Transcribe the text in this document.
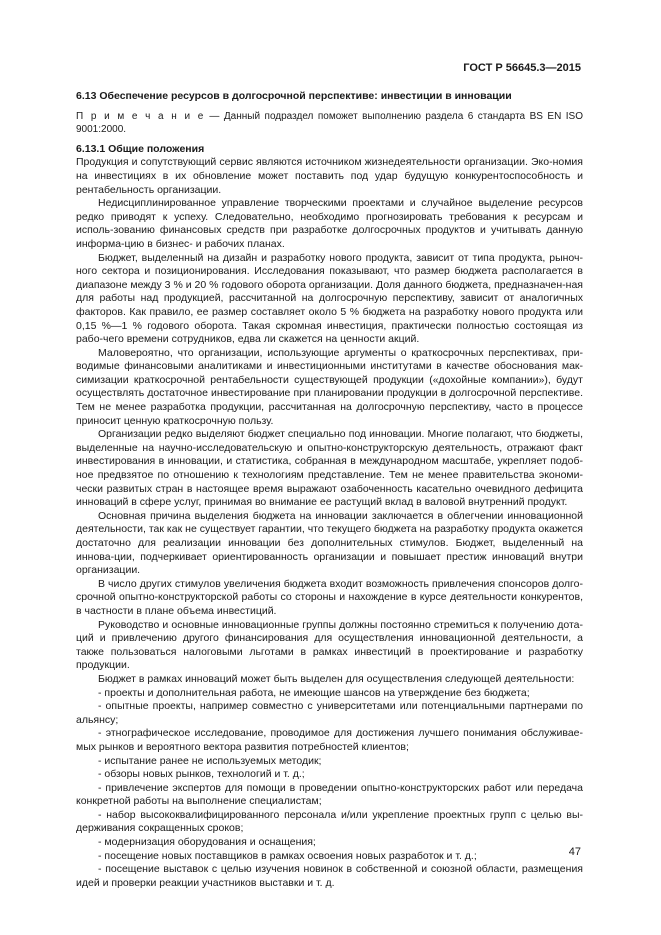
ГОСТ Р 56645.3—2015

6.13 Обеспечение ресурсов в долгосрочной перспективе: инвестиции в инновации

П р и м е ч а н и е — Данный подраздел поможет выполнению раздела 6 стандарта BS EN ISO 9001:2000.

6.13.1 Общие положения

Продукция и сопутствующий сервис являются источником жизнедеятельности организации. Эко-номия на инвестициях в их обновление может поставить под удар будущую конкурентоспособность и рентабельность организации.

Недисциплинированное управление творческими проектами и случайное выделение ресурсов редко приводят к успеху. Следовательно, необходимо прогнозировать требования к ресурсам и исполь-зованию финансовых средств при разработке долгосрочных продуктов и учитывать данную информа-цию в бизнес- и рабочих планах.

Бюджет, выделенный на дизайн и разработку нового продукта, зависит от типа продукта, рыноч-ного сектора и позиционирования. Исследования показывают, что размер бюджета располагается в диапазоне между 3 % и 20 % годового оборота организации. Доля данного бюджета, предназначен-ная для работы над продукцией, рассчитанной на долгосрочную перспективу, зависит от аналогичных факторов. Как правило, ее размер составляет около 5 % бюджета на разработку нового продукта или 0,15 %—1 % годового оборота. Такая скромная инвестиция, практически полностью состоящая из рабо-чего времени сотрудников, едва ли скажется на ценности акций.

Маловероятно, что организации, использующие аргументы о краткосрочных перспективах, при-водимые финансовыми аналитиками и инвестиционными институтами в качестве обоснования мак-симизации краткосрочной рентабельности существующей продукции («дохойные компании»), будут осуществлять достаточное инвестирование при планировании продукции в долгосрочной перспективе. Тем не менее разработка продукции, рассчитанная на долгосрочную перспективу, часто в процессе приносит ценную краткосрочную пользу.

Организации редко выделяют бюджет специально под инновации. Многие полагают, что бюджеты, выделенные на научно-исследовательскую и опытно-конструкторскую деятельность, отражают факт инвестирования в инновации, и статистика, собранная в международном масштабе, укрепляет подоб-ное предвзятое по отношению к технологиям представление. Тем не менее правительства экономи-чески развитых стран в настоящее время выражают озабоченность касательно очевидного дефицита инноваций в сфере услуг, принимая во внимание ее растущий вклад в валовой внутренний продукт.

Основная причина выделения бюджета на инновации заключается в облегчении инновационной деятельности, так как не существует гарантии, что текущего бюджета на разработку продукта окажется достаточно для реализации инновации без дополнительных стимулов. Бюджет, выделенный на иннова-ции, подчеркивает ориентированность организации и повышает престиж инноваций внутри организации.

В число других стимулов увеличения бюджета входит возможность привлечения спонсоров долго-срочной опытно-конструкторской работы со стороны и нахождение в курсе деятельности конкурентов, в частности в плане объема инвестиций.

Руководство и основные инновационные группы должны постоянно стремиться к получению дота-ций и привлечению другого финансирования для осуществления инновационной деятельности, а также пользоваться налоговыми льготами в рамках инвестиций в проектирование и разработку продукции.

Бюджет в рамках инноваций может быть выделен для осуществления следующей деятельности:

- проекты и дополнительная работа, не имеющие шансов на утверждение без бюджета;

- опытные проекты, например совместно с университетами или потенциальными партнерами по альянсу;

- этнографическое исследование, проводимое для достижения лучшего понимания обслуживае-мых рынков и вероятного вектора развития потребностей клиентов;

- испытание ранее не используемых методик;

- обзоры новых рынков, технологий и т. д.;

- привлечение экспертов для помощи в проведении опытно-конструкторских работ или передача конкретной работы на выполнение специалистам;

- набор высококвалифицированного персонала и/или укрепление проектных групп с целью вы-держивания сокращенных сроков;

- модернизация оборудования и оснащения;

- посещение новых поставщиков в рамках освоения новых разработок и т. д.;

- посещение выставок с целью изучения новинок в собственной и союзной области, размещения идей и проверки реакции участников выставки и т. д.

47
